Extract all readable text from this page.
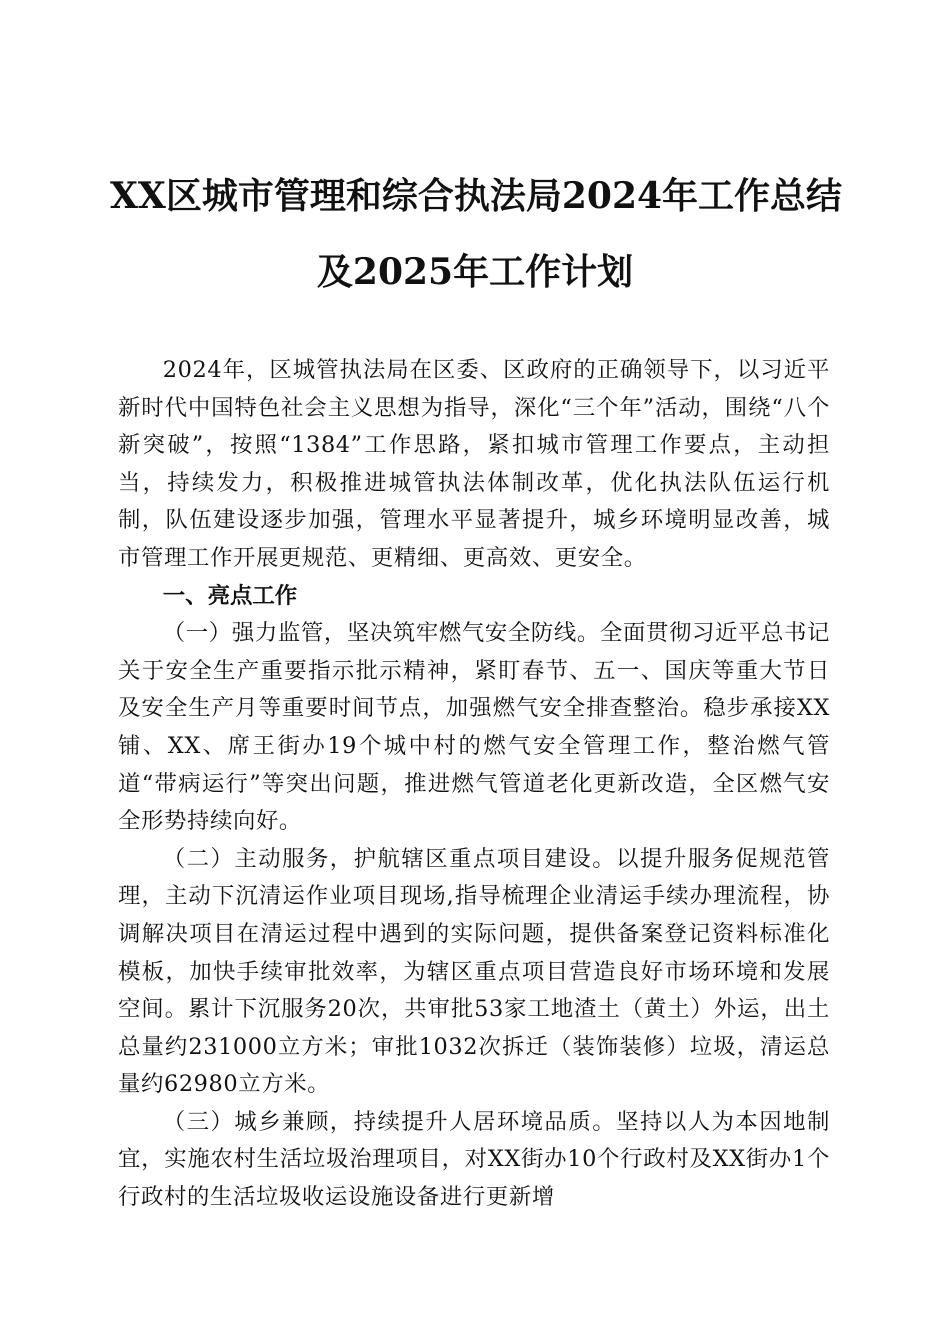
XX区城市管理和综合执法局2024年工作总结
及2025年工作计划

2024年，区城管执法局在区委、区政府的正确领导下，以习近平新时代中国特色社会主义思想为指导，深化“三个年”活动，围绕“八个新突破”，按照“1384”工作思路，紧扣城市管理工作要点，主动担当，持续发力，积极推进城管执法体制改革，优化执法队伍运行机制，队伍建设逐步加强，管理水平显著提升，城乡环境明显改善，城市管理工作开展更规范、更精细、更高效、更安全。

一、亮点工作

（一）强力监管，坚决筑牢燃气安全防线。全面贯彻习近平总书记关于安全生产重要指示批示精神，紧盯春节、五一、国庆等重大节日及安全生产月等重要时间节点，加强燃气安全排查整治。稳步承接XX铺、XX、席王街办19个城中村的燃气安全管理工作，整治燃气管道“带病运行”等突出问题，推进燃气管道老化更新改造，全区燃气安全形势持续向好。

（二）主动服务，护航辖区重点项目建设。以提升服务促规范管理，主动下沉清运作业项目现场,指导梳理企业清运手续办理流程，协调解决项目在清运过程中遇到的实际问题，提供备案登记资料标准化模板，加快手续审批效率，为辖区重点项目营造良好市场环境和发展空间。累计下沉服务20次，共审批53家工地渣土（黄土）外运，出土总量约231000立方米；审批1032次拆迁（装饰装修）垃圾，清运总量约62980立方米。

（三）城乡兼顾，持续提升人居环境品质。坚持以人为本因地制宜，实施农村生活垃圾治理项目，对XX街办10个行政村及XX街办1个行政村的生活垃圾收运设施设备进行更新增
